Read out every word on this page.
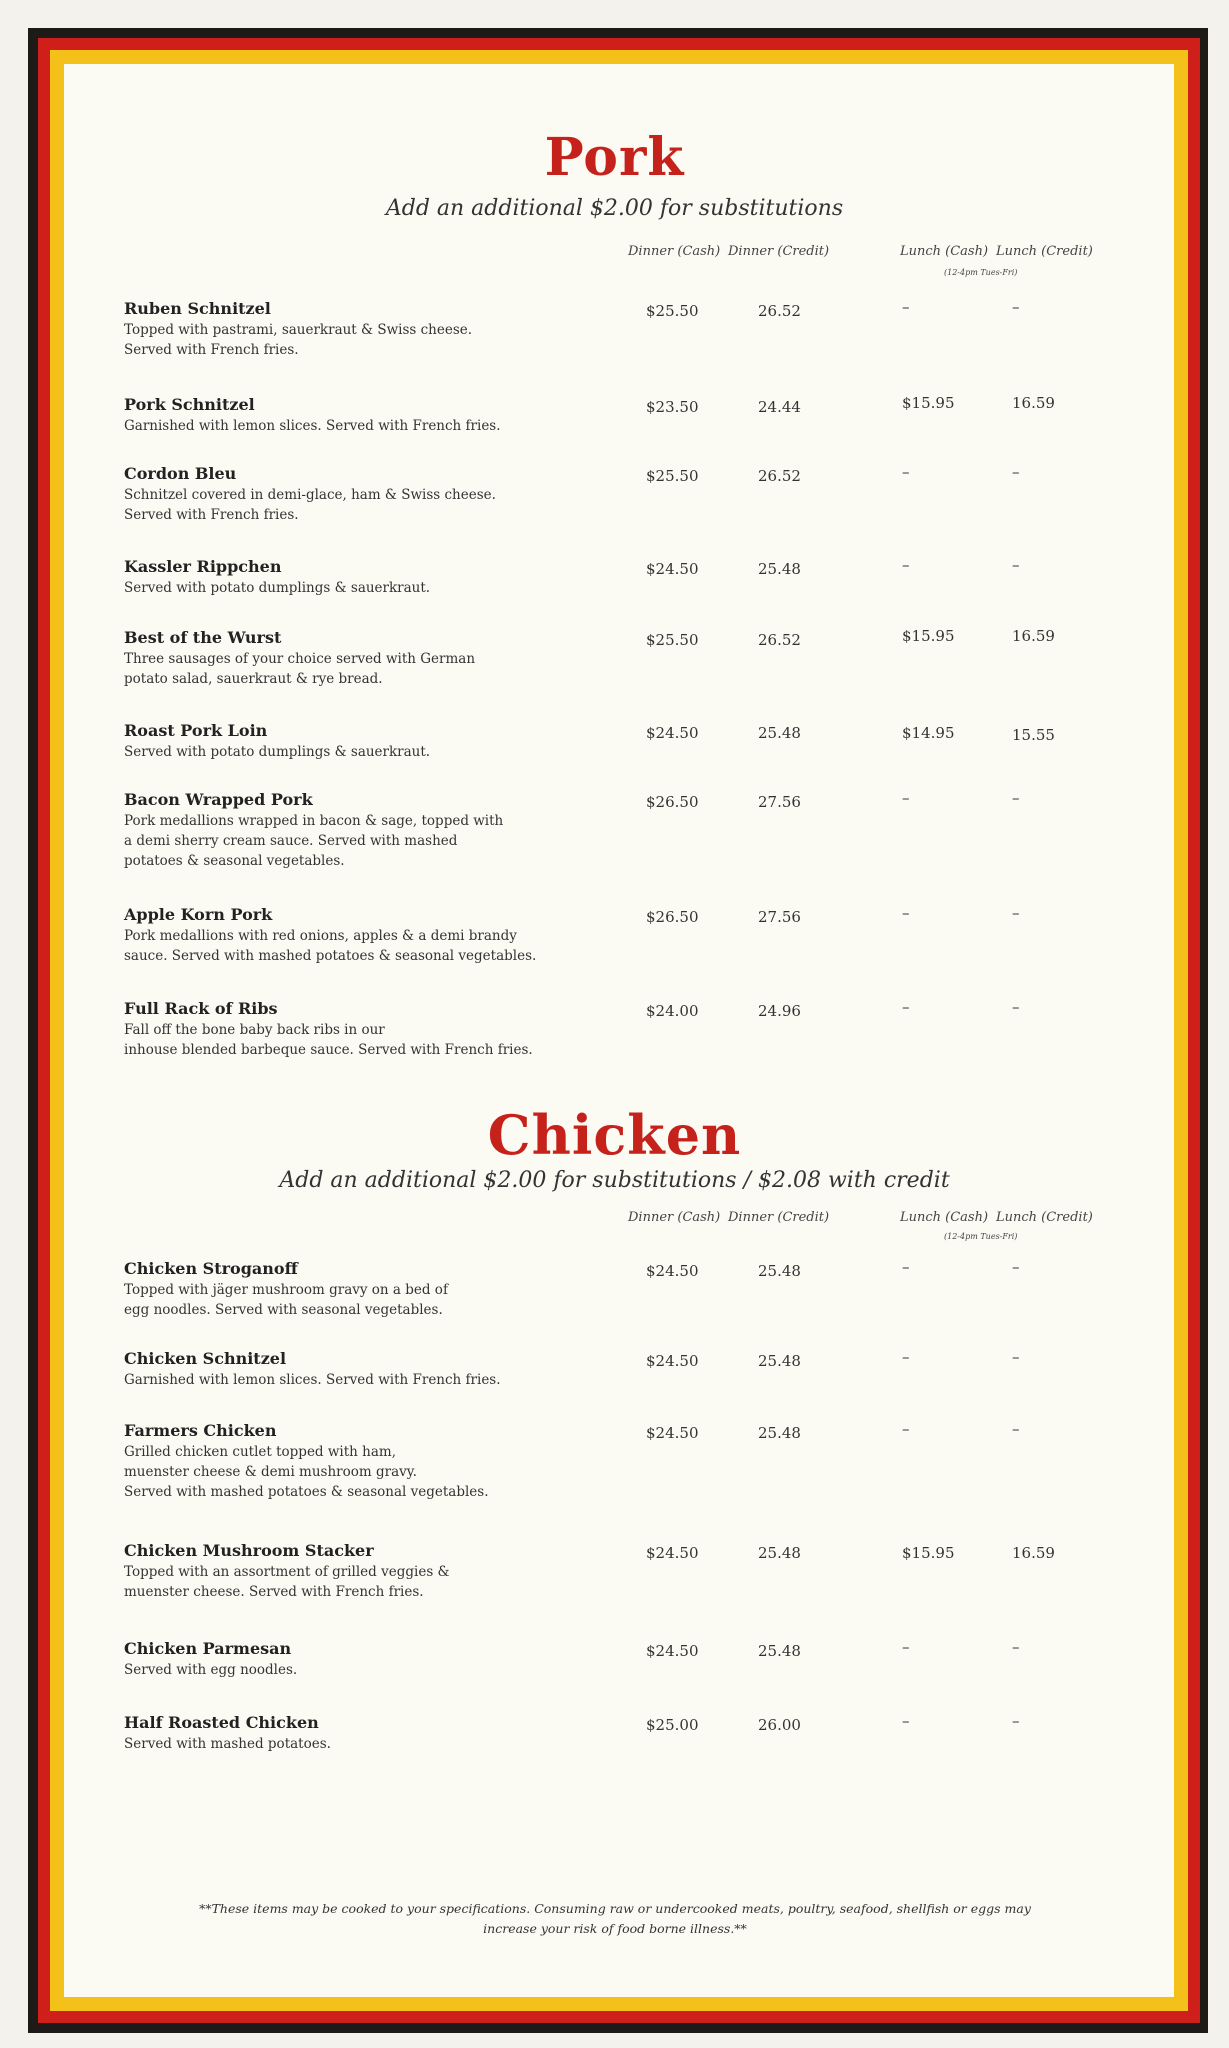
Pork
Add an additional $2.00 for substitutions
Dinner (Cash) Dinner (Credit)	Lunch (Cash) Lunch (Credit)
(12-4pm Tues-Fri)
Ruben Schnitzel
Topped with pastrami, sauerkraut & Swiss cheese.
Served with French fries.
$25.50	26.52	–	–
Pork Schnitzel
Garnished with lemon slices. Served with French fries.
$23.50	24.44	$15.95	16.59
Cordon Bleu
Schnitzel covered in demi-glace, ham & Swiss cheese.
Served with French fries.
$25.50	26.52	–	–
Kassler Rippchen
Served with potato dumplings & sauerkraut.
$24.50	25.48	–	–
Best of the Wurst
Three sausages of your choice served with German
potato salad, sauerkraut & rye bread.
$25.50	26.52	$15.95	16.59
Roast Pork Loin
Served with potato dumplings & sauerkraut.
$24.50	25.48	$14.95	15.55
Bacon Wrapped Pork
Pork medallions wrapped in bacon & sage, topped with
a demi sherry cream sauce. Served with mashed
potatoes & seasonal vegetables.
$26.50	27.56	–	–
Apple Korn Pork
Pork medallions with red onions, apples & a demi brandy
sauce. Served with mashed potatoes & seasonal vegetables.
$26.50	27.56	–	–
Full Rack of Ribs
Fall off the bone baby back ribs in our
inhouse blended barbeque sauce. Served with French fries.
$24.00	24.96	–	–
Chicken
Add an additional $2.00 for substitutions / $2.08 with credit
Dinner (Cash) Dinner (Credit)	Lunch (Cash) Lunch (Credit)
(12-4pm Tues-Fri)
Chicken Stroganoff
Topped with jäger mushroom gravy on a bed of
egg noodles. Served with seasonal vegetables.
$24.50	25.48	–	–
Chicken Schnitzel
Garnished with lemon slices. Served with French fries.
$24.50	25.48	–	–
Farmers Chicken
Grilled chicken cutlet topped with ham,
muenster cheese & demi mushroom gravy.
Served with mashed potatoes & seasonal vegetables.
$24.50	25.48	–	–
Chicken Mushroom Stacker
Topped with an assortment of grilled veggies &
muenster cheese. Served with French fries.
$24.50	25.48	$15.95	16.59
Chicken Parmesan
Served with egg noodles.
$24.50	25.48	–	–
Half Roasted Chicken
Served with mashed potatoes.
$25.00	26.00	–	–
**These items may be cooked to your specifications. Consuming raw or undercooked meats, poultry, seafood, shellfish or eggs may
increase your risk of food borne illness.**
